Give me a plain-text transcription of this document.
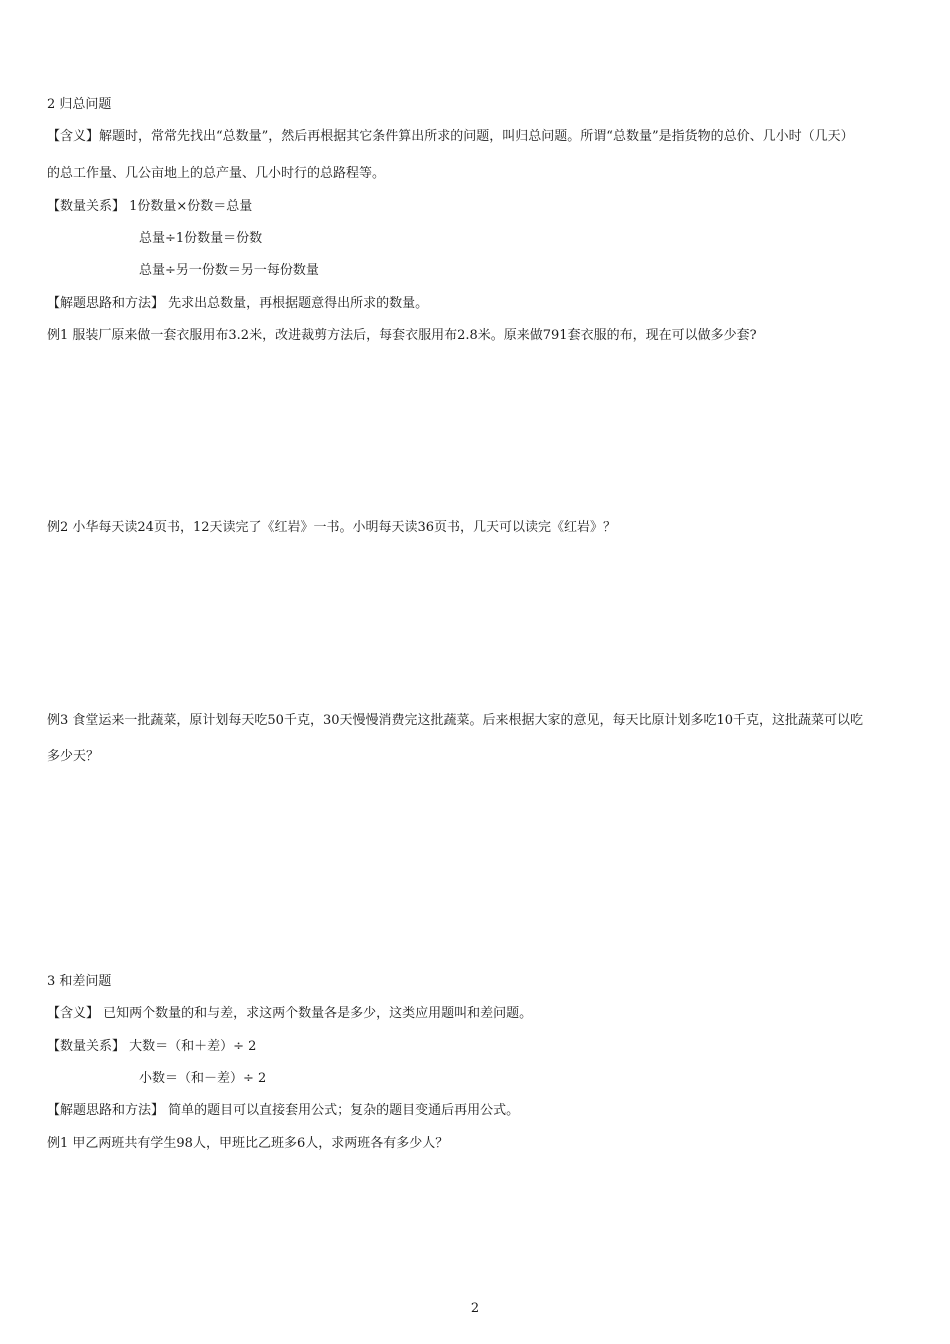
2 归总问题
【含义】解题时，常常先找出“总数量”，然后再根据其它条件算出所求的问题，叫归总问题。所谓“总数量”是指货物的总价、几小时（几天）
的总工作量、几公亩地上的总产量、几小时行的总路程等。
【数量关系】 1份数量×份数＝总量
总量÷1份数量＝份数
总量÷另一份数＝另一每份数量
【解题思路和方法】 先求出总数量，再根据题意得出所求的数量。
例1 服装厂原来做一套衣服用布3.2米，改进裁剪方法后，每套衣服用布2.8米。原来做791套衣服的布，现在可以做多少套?
例2 小华每天读24页书，12天读完了《红岩》一书。小明每天读36页书，几天可以读完《红岩》？
例3 食堂运来一批蔬菜，原计划每天吃50千克，30天慢慢消费完这批蔬菜。后来根据大家的意见，每天比原计划多吃10千克，这批蔬菜可以吃
多少天？
3 和差问题
【含义】 已知两个数量的和与差，求这两个数量各是多少，这类应用题叫和差问题。
【数量关系】 大数＝（和＋差）÷ 2
小数＝（和－差）÷ 2
【解题思路和方法】 简单的题目可以直接套用公式；复杂的题目变通后再用公式。
例1 甲乙两班共有学生98人，甲班比乙班多6人，求两班各有多少人？
2
